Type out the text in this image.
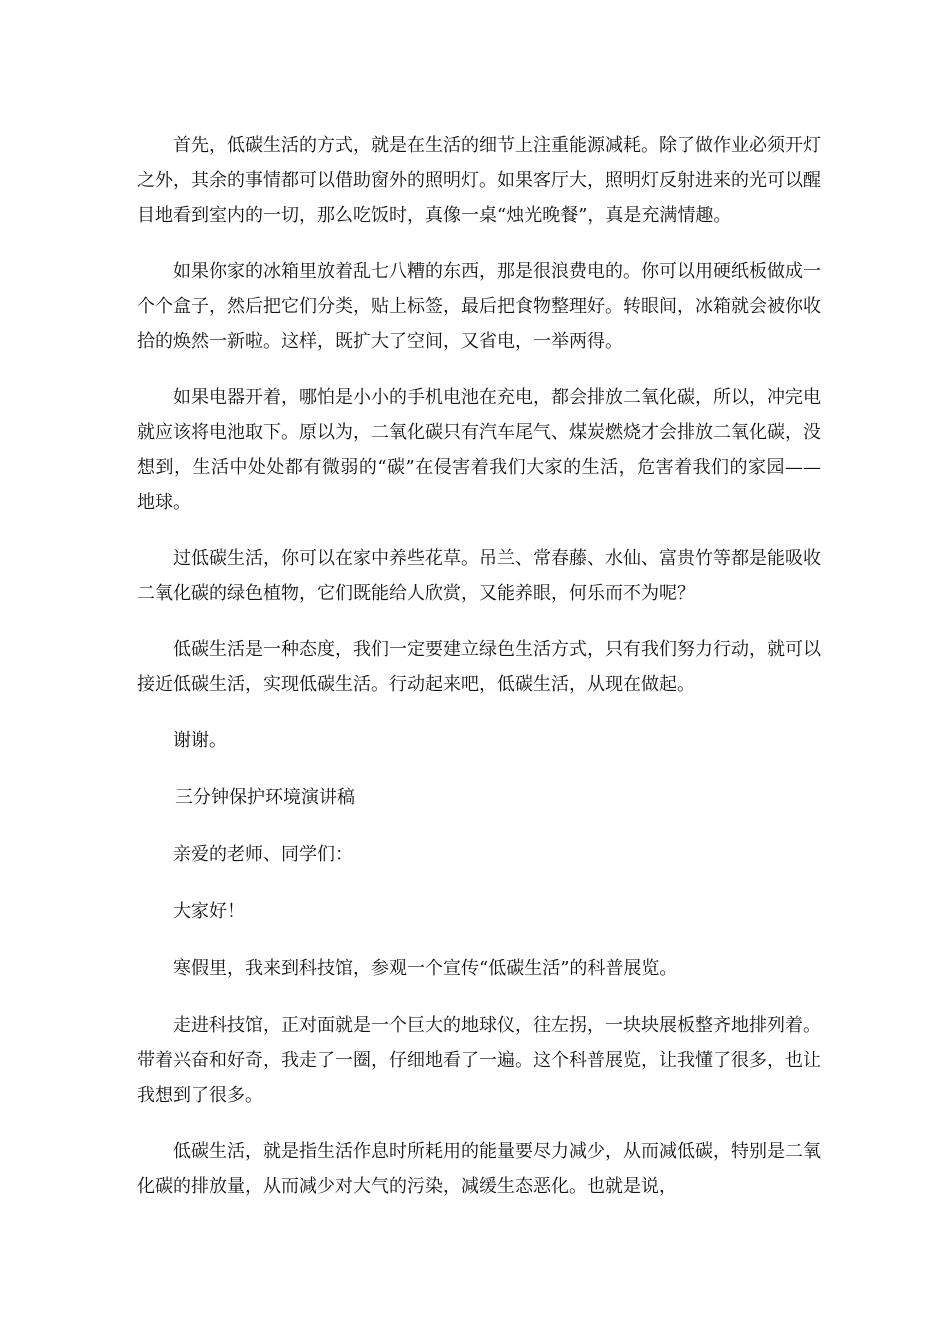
首先，低碳生活的方式，就是在生活的细节上注重能源减耗。除了做作业必须开灯之外，其余的事情都可以借助窗外的照明灯。如果客厅大，照明灯反射进来的光可以醒目地看到室内的一切，那么吃饭时，真像一桌“烛光晚餐”，真是充满情趣。

如果你家的冰箱里放着乱七八糟的东西，那是很浪费电的。你可以用硬纸板做成一个个盒子，然后把它们分类，贴上标签，最后把食物整理好。转眼间，冰箱就会被你收拾的焕然一新啦。这样，既扩大了空间，又省电，一举两得。

如果电器开着，哪怕是小小的手机电池在充电，都会排放二氧化碳，所以，冲完电就应该将电池取下。原以为，二氧化碳只有汽车尾气、煤炭燃烧才会排放二氧化碳，没想到，生活中处处都有微弱的“碳”在侵害着我们大家的生活，危害着我们的家园——地球。

过低碳生活，你可以在家中养些花草。吊兰、常春藤、水仙、富贵竹等都是能吸收二氧化碳的绿色植物，它们既能给人欣赏，又能养眼，何乐而不为呢？

低碳生活是一种态度，我们一定要建立绿色生活方式，只有我们努力行动，就可以接近低碳生活，实现低碳生活。行动起来吧，低碳生活，从现在做起。

谢谢。

三分钟保护环境演讲稿

亲爱的老师、同学们：

大家好！

寒假里，我来到科技馆，参观一个宣传“低碳生活”的科普展览。

走进科技馆，正对面就是一个巨大的地球仪，往左拐，一块块展板整齐地排列着。带着兴奋和好奇，我走了一圈，仔细地看了一遍。这个科普展览，让我懂了很多，也让我想到了很多。

低碳生活，就是指生活作息时所耗用的能量要尽力减少，从而减低碳，特别是二氧化碳的排放量，从而减少对大气的污染，减缓生态恶化。也就是说，
